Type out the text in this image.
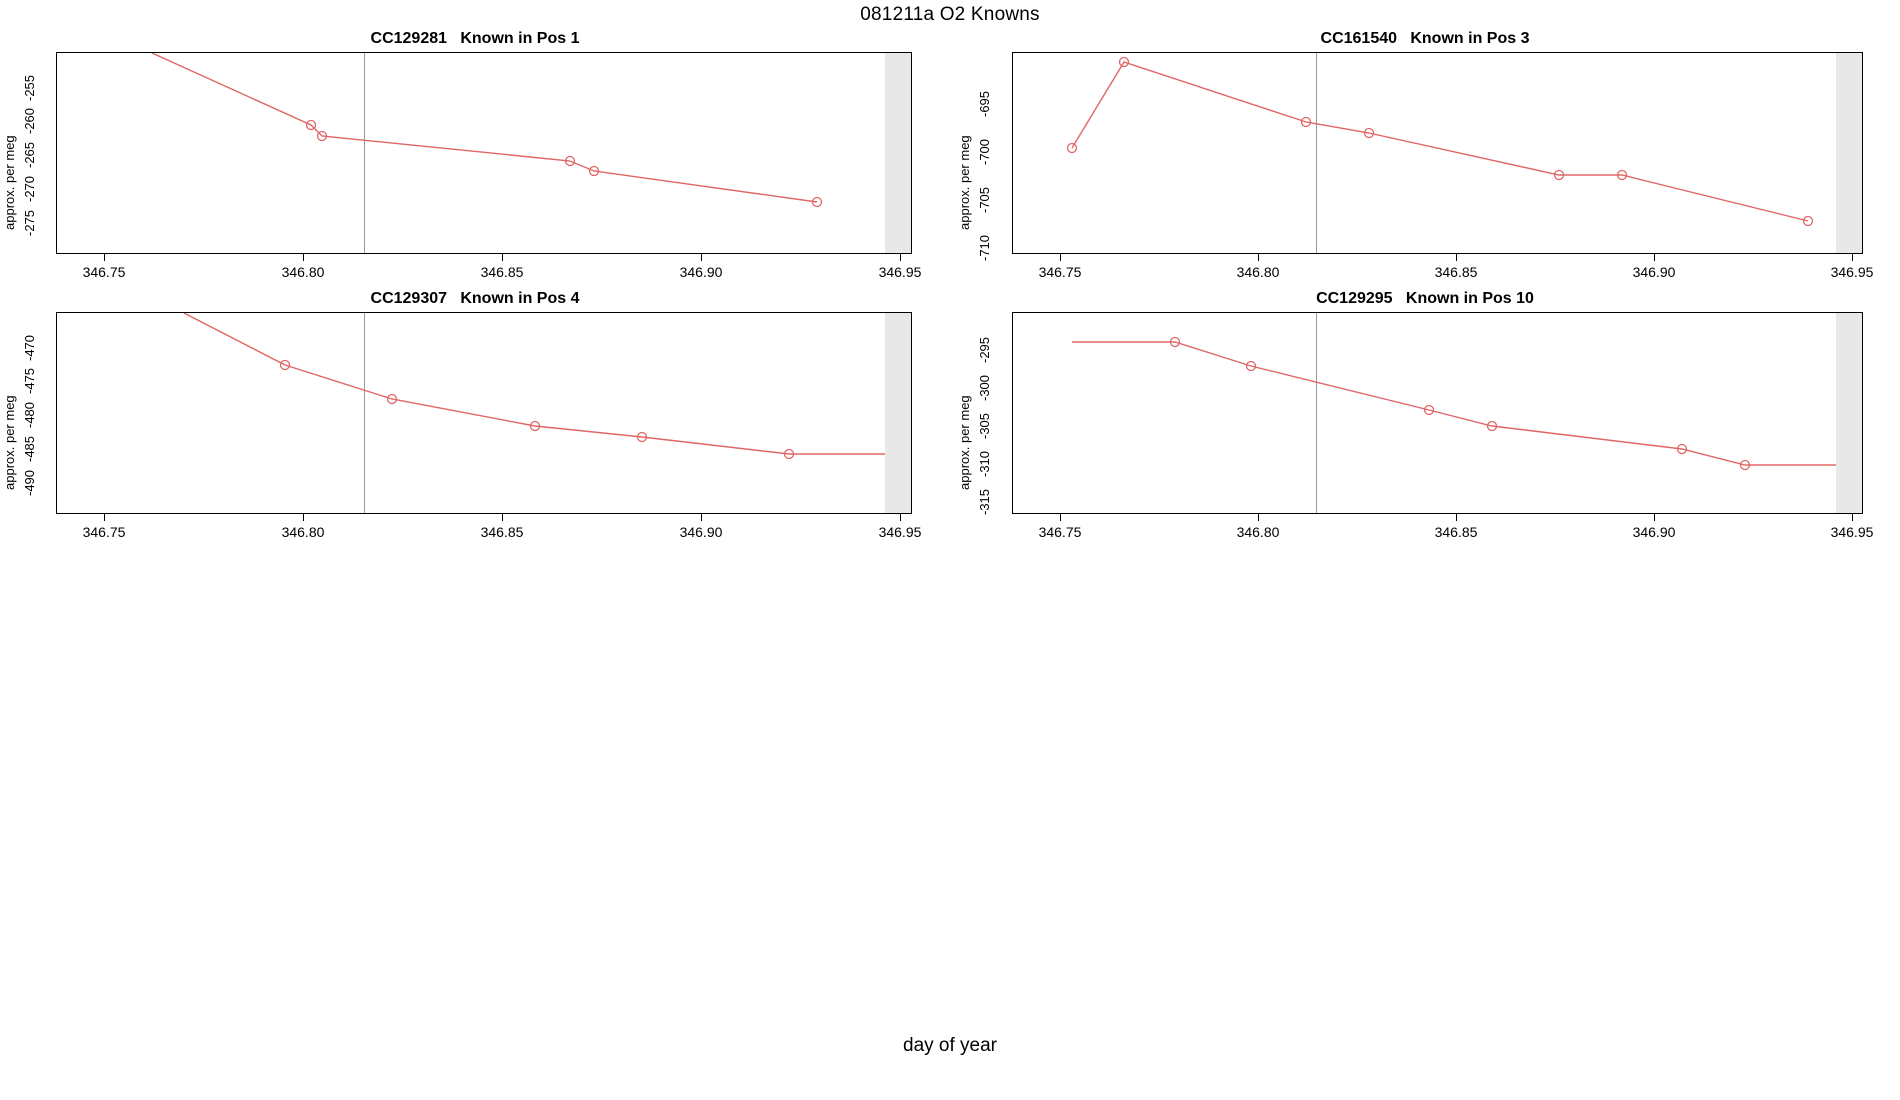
081211a O2 Knowns
CC129281   Known in Pos 1
approx. per meg
-255
-260
-265
-270
-275
346.75	346.80	346.85	346.90	346.95
CC161540   Known in Pos 3
approx. per meg
-695
-700
-705
-710
346.75	346.80	346.85	346.90	346.95
CC129307   Known in Pos 4
approx. per meg
-470
-475
-480
-485
-490
346.75	346.80	346.85	346.90	346.95
CC129295   Known in Pos 10
approx. per meg
-295
-300
-305
-310
-315
346.75	346.80	346.85	346.90	346.95
day of year
